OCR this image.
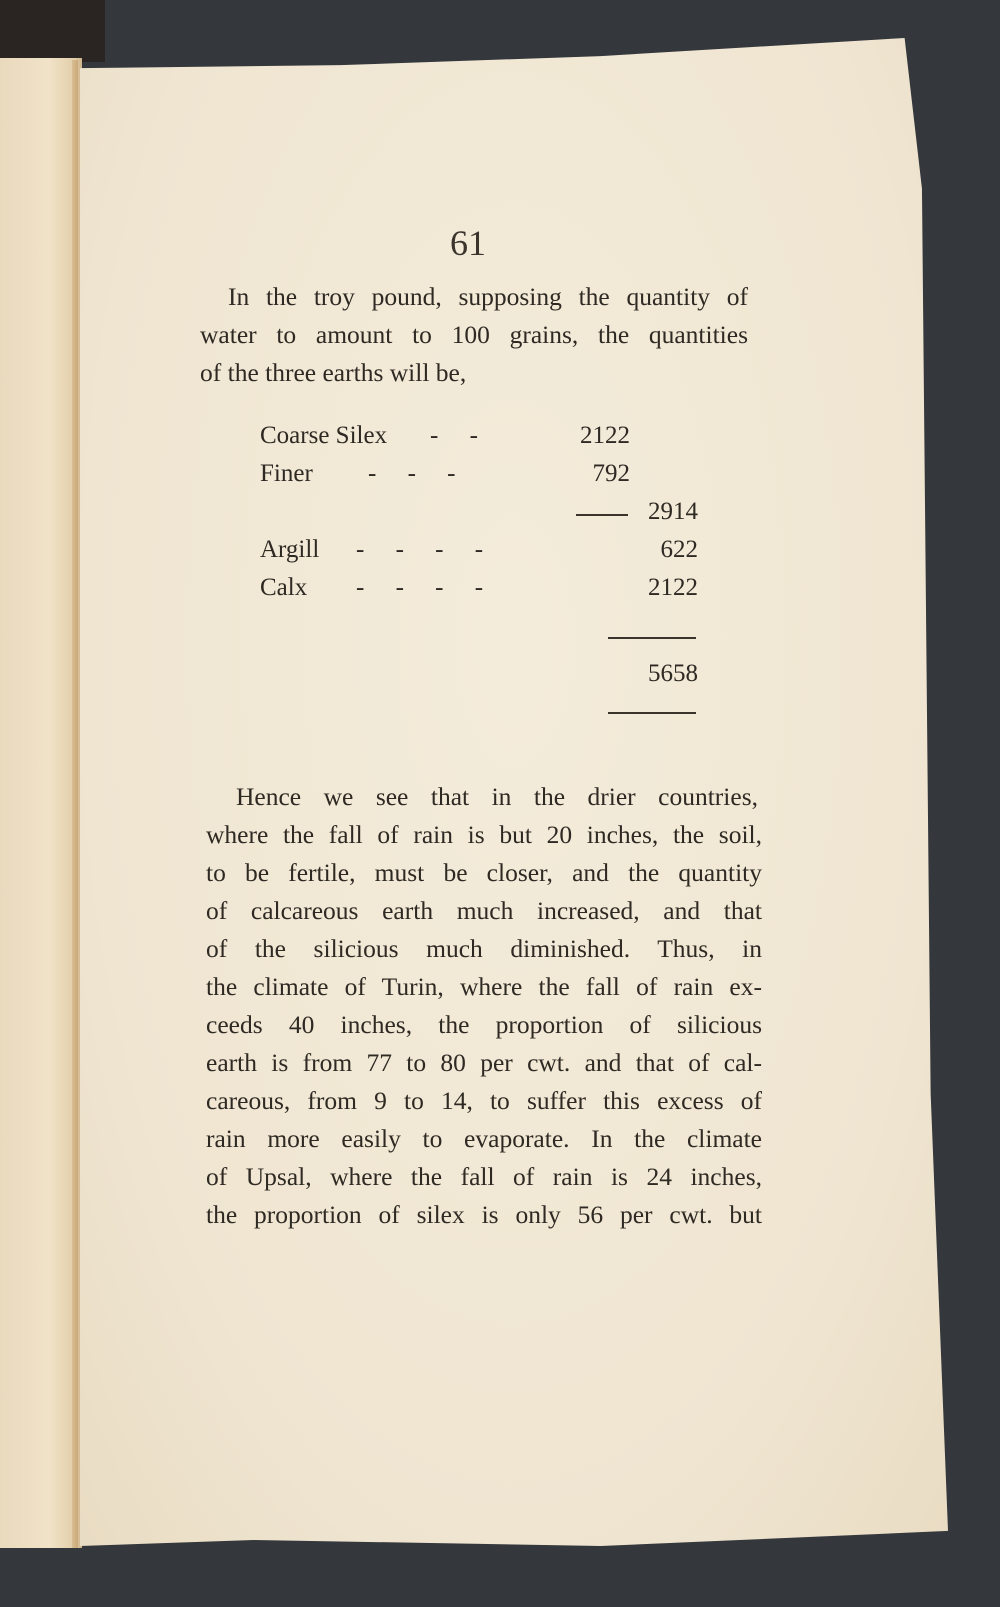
61
In the troy pound, supposing the quantity of
water to amount to 100 grains, the quantities
of the three earths will be,
Coarse Silex -     -	2122
Finer -     -     -	792
2914
Argill -     -     -     -	622
Calx -     -     -     -	2122
5658
Hence we see that in the drier countries,
where the fall of rain is but 20 inches, the soil,
to be fertile, must be closer, and the quantity
of calcareous earth much increased, and that
of the silicious much diminished. Thus, in
the climate of Turin, where the fall of rain ex-
ceeds 40 inches, the proportion of silicious
earth is from 77 to 80 per cwt. and that of cal-
careous, from 9 to 14, to suffer this excess of
rain more easily to evaporate. In the climate
of Upsal, where the fall of rain is 24 inches,
the proportion of silex is only 56 per cwt. but
